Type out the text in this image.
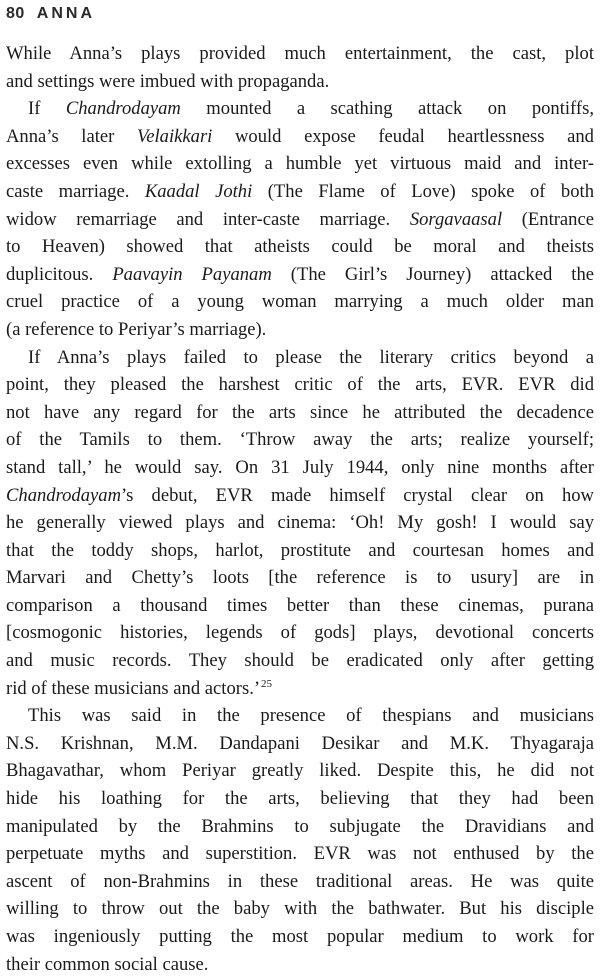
80 ANNA
While Anna’s plays provided much entertainment, the cast, plot
and settings were imbued with propaganda.
If Chandrodayam mounted a scathing attack on pontiffs,
Anna’s later Velaikkari would expose feudal heartlessness and
excesses even while extolling a humble yet virtuous maid and inter-
caste marriage. Kaadal Jothi (The Flame of Love) spoke of both
widow remarriage and inter-caste marriage. Sorgavaasal (Entrance
to Heaven) showed that atheists could be moral and theists
duplicitous. Paavayin Payanam (The Girl’s Journey) attacked the
cruel practice of a young woman marrying a much older man
(a reference to Periyar’s marriage).
If Anna’s plays failed to please the literary critics beyond a
point, they pleased the harshest critic of the arts, EVR. EVR did
not have any regard for the arts since he attributed the decadence
of the Tamils to them. ‘Throw away the arts; realize yourself;
stand tall,’ he would say. On 31 July 1944, only nine months after
Chandrodayam’s debut, EVR made himself crystal clear on how
he generally viewed plays and cinema: ‘Oh! My gosh! I would say
that the toddy shops, harlot, prostitute and courtesan homes and
Marvari and Chetty’s loots [the reference is to usury] are in
comparison a thousand times better than these cinemas, purana
[cosmogonic histories, legends of gods] plays, devotional concerts
and music records. They should be eradicated only after getting
rid of these musicians and actors.’$^{25}$
This was said in the presence of thespians and musicians
N.S. Krishnan, M.M. Dandapani Desikar and M.K. Thyagaraja
Bhagavathar, whom Periyar greatly liked. Despite this, he did not
hide his loathing for the arts, believing that they had been
manipulated by the Brahmins to subjugate the Dravidians and
perpetuate myths and superstition. EVR was not enthused by the
ascent of non-Brahmins in these traditional areas. He was quite
willing to throw out the baby with the bathwater. But his disciple
was ingeniously putting the most popular medium to work for
their common social cause.
